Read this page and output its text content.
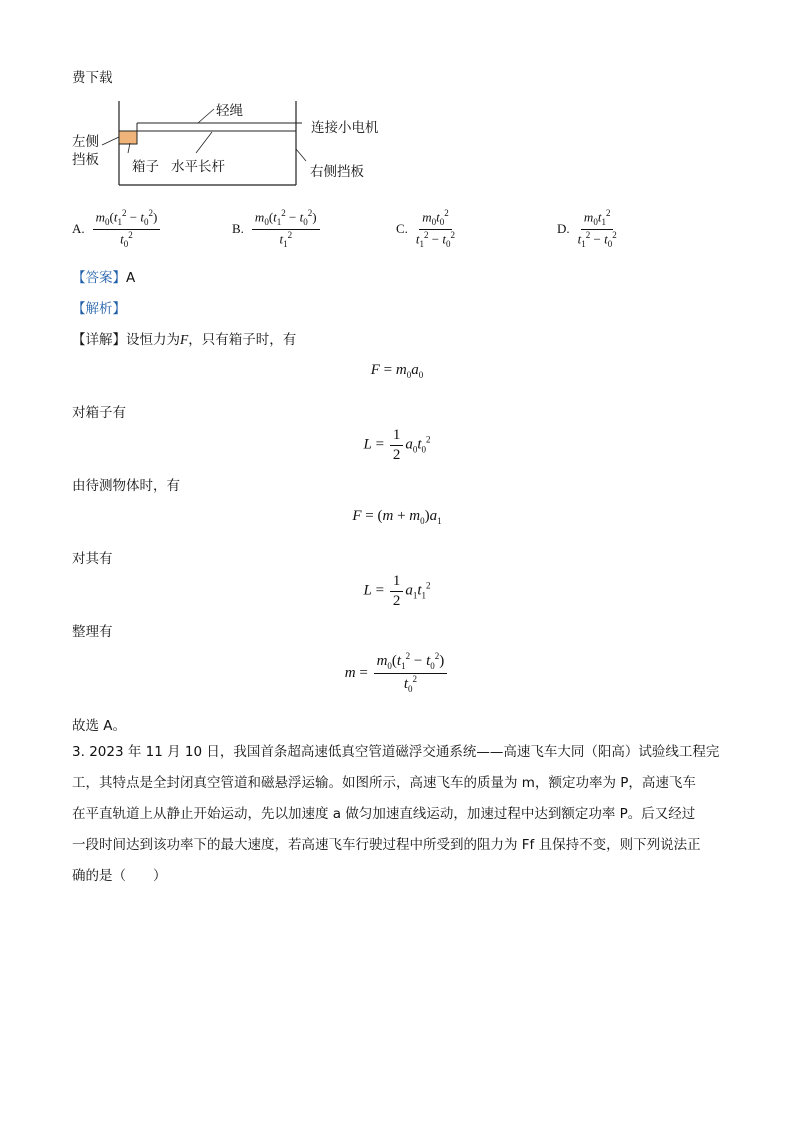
费下载
轻绳
连接小电机
左侧
挡板 箱子 水平长杆	右侧挡板
A. $\frac{m_0(t_1^2 - t_0^2)}{t_0^2}$	B. $\frac{m_0(t_1^2 - t_0^2)}{t_1^2}$	C. $\frac{m_0t_0^2}{t_1^2 - t_0^2}$	D. $\frac{m_0t_1^2}{t_1^2 - t_0^2}$
【答案】A
【解析】
【详解】设恒力为F，只有箱子时，有
$F = m_0a_0$
对箱子有
$L = \frac{1}{2} a_0t_0^2$
由待测物体时，有
$F = (m + m_0)a_1$
对其有
$L = \frac{1}{2} a_1t_1^2$
整理有
$m = \frac{m_0(t_1^2 - t_0^2)}{t_0^2}$
故选 A。
3. 2023 年 11 月 10 日，我国首条超高速低真空管道磁浮交通系统——高速飞车大同（阳高）试验线工程完
工，其特点是全封闭真空管道和磁悬浮运输。如图所示，高速飞车的质量为 m，额定功率为 P，高速飞车
在平直轨道上从静止开始运动，先以加速度 a 做匀加速直线运动，加速过程中达到额定功率 P。后又经过
一段时间达到该功率下的最大速度，若高速飞车行驶过程中所受到的阻力为 Ff 且保持不变，则下列说法正
确的是（　　）
